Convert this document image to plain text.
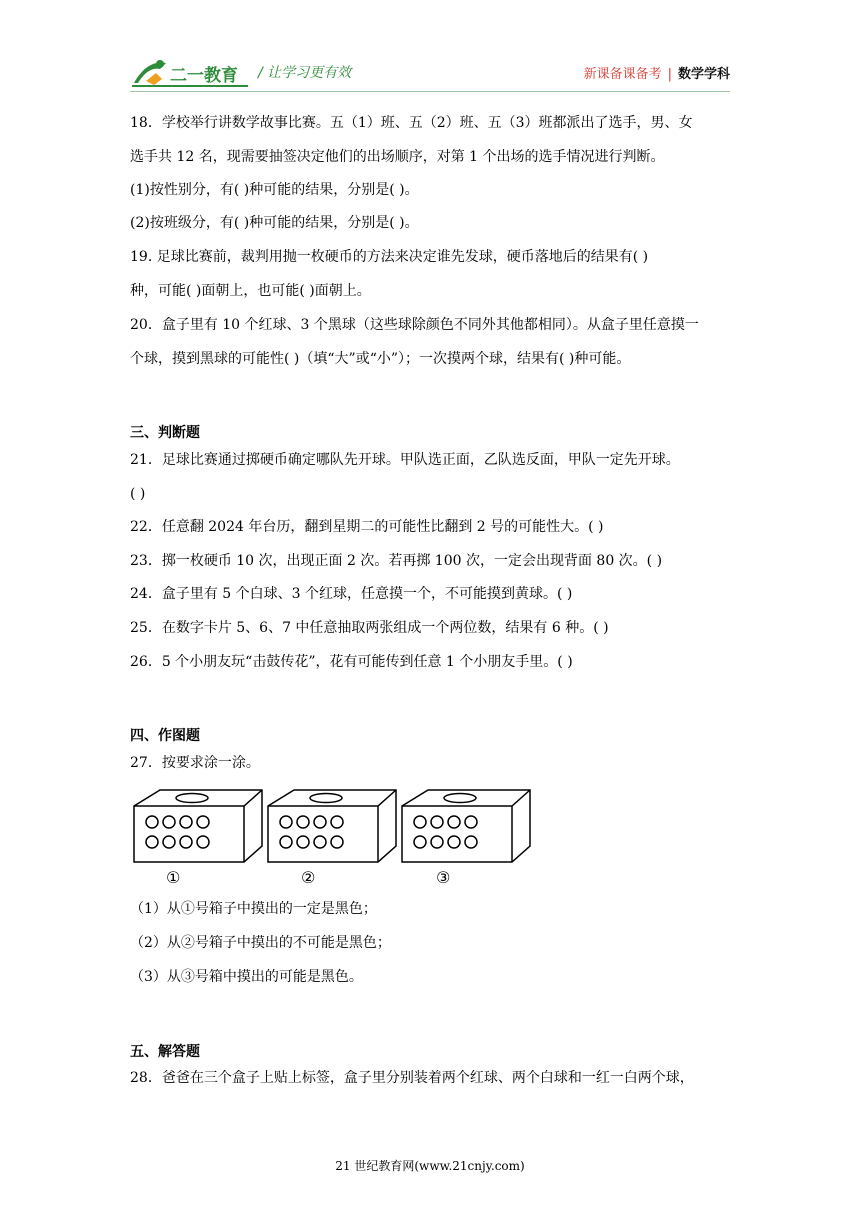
二一教育 / 让学习更有效	新课备课备考 | 数学学科
18．学校举行讲数学故事比赛。五（1）班、五（2）班、五（3）班都派出了选手，男、女
选手共 12 名，现需要抽签决定他们的出场顺序，对第 1 个出场的选手情况进行判断。
(1)按性别分，有( )种可能的结果，分别是( )。
(2)按班级分，有( )种可能的结果，分别是( )。
19. 足球比赛前，裁判用抛一枚硬币的方法来决定谁先发球，硬币落地后的结果有( )
种，可能( )面朝上，也可能( )面朝上。
20．盒子里有 10 个红球、3 个黑球（这些球除颜色不同外其他都相同）。从盒子里任意摸一
个球，摸到黑球的可能性( )（填“大”或“小”）；一次摸两个球，结果有( )种可能。
三、判断题
21．足球比赛通过掷硬币确定哪队先开球。甲队选正面，乙队选反面，甲队一定先开球。
( )
22．任意翻 2024 年台历，翻到星期二的可能性比翻到 2 号的可能性大。( )
23．掷一枚硬币 10 次，出现正面 2 次。若再掷 100 次，一定会出现背面 80 次。( )
24．盒子里有 5 个白球、3 个红球，任意摸一个，不可能摸到黄球。( )
25．在数字卡片 5、6、7 中任意抽取两张组成一个两位数，结果有 6 种。( )
26．5 个小朋友玩“击鼓传花”，花有可能传到任意 1 个小朋友手里。( )
四、作图题
27．按要求涂一涂。
①	②	③
（1）从①号箱子中摸出的一定是黑色；
（2）从②号箱子中摸出的不可能是黑色；
（3）从③号箱中摸出的可能是黑色。
五、解答题
28．爸爸在三个盒子上贴上标签，盒子里分别装着两个红球、两个白球和一红一白两个球，
21 世纪教育网(www.21cnjy.com)
